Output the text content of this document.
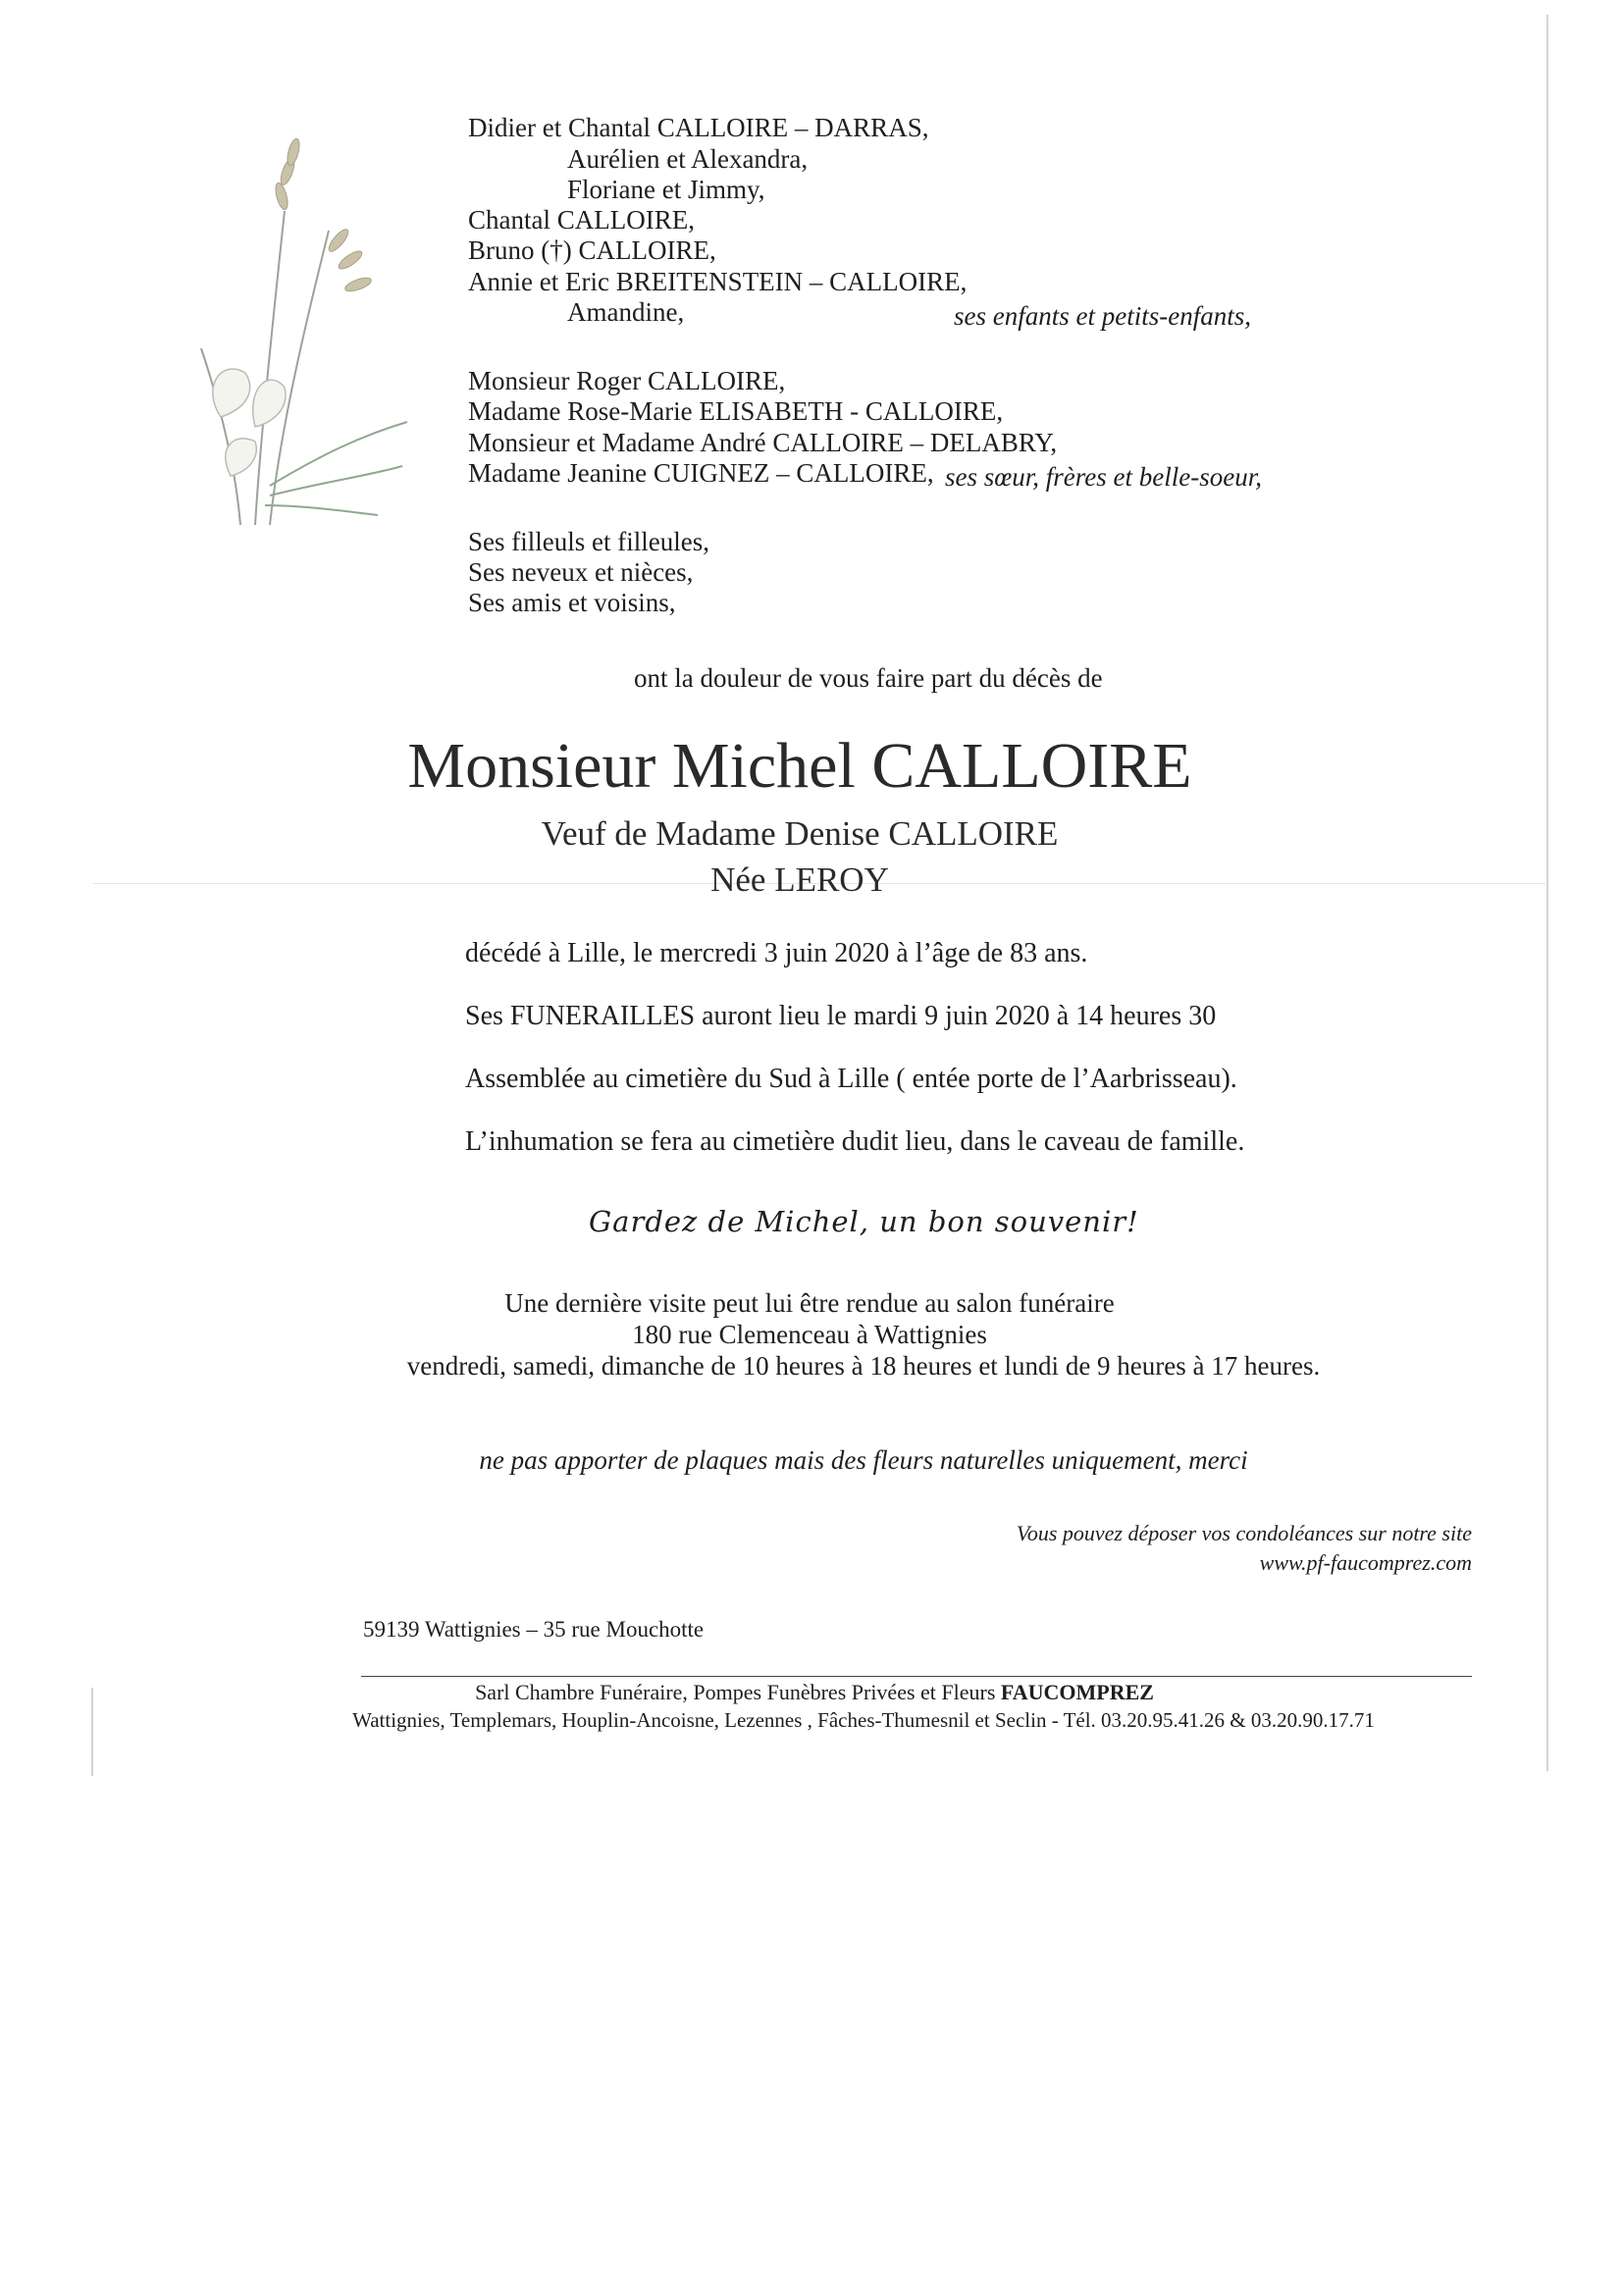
Didier et Chantal CALLOIRE – DARRAS,
Aurélien et Alexandra,
Floriane et Jimmy,
Chantal CALLOIRE,
Bruno (†) CALLOIRE,
Annie et Eric BREITENSTEIN – CALLOIRE,
Amandine,	ses enfants et petits-enfants,
Monsieur Roger CALLOIRE,
Madame Rose-Marie ELISABETH - CALLOIRE,
Monsieur et Madame André CALLOIRE – DELABRY,
Madame Jeanine CUIGNEZ – CALLOIRE, ses sœur, frères et belle-soeur,
Ses filleuls et filleules,
Ses neveux et nièces,
Ses amis et voisins,
ont la douleur de vous faire part du décès de
Monsieur Michel CALLOIRE
Veuf de Madame Denise CALLOIRE
Née LEROY
décédé à Lille, le mercredi 3 juin 2020 à l’âge de 83 ans.
Ses FUNERAILLES auront lieu le mardi 9 juin 2020 à 14 heures 30
Assemblée au cimetière du Sud à Lille ( entée porte de l’Aarbrisseau).
L’inhumation se fera au cimetière dudit lieu, dans le caveau de famille.
Gardez de Michel, un bon souvenir!
Une dernière visite peut lui être rendue au salon funéraire
180 rue Clemenceau à Wattignies
vendredi, samedi, dimanche de 10 heures à 18 heures et lundi de 9 heures à 17 heures.
ne pas apporter de plaques mais des fleurs naturelles uniquement, merci
Vous pouvez déposer vos condoléances sur notre site
www.pf-faucomprez.com
59139 Wattignies – 35 rue Mouchotte
Sarl Chambre Funéraire, Pompes Funèbres Privées et Fleurs FAUCOMPREZ
Wattignies, Templemars, Houplin-Ancoisne, Lezennes , Fâches-Thumesnil et Seclin - Tél. 03.20.95.41.26 & 03.20.90.17.71
